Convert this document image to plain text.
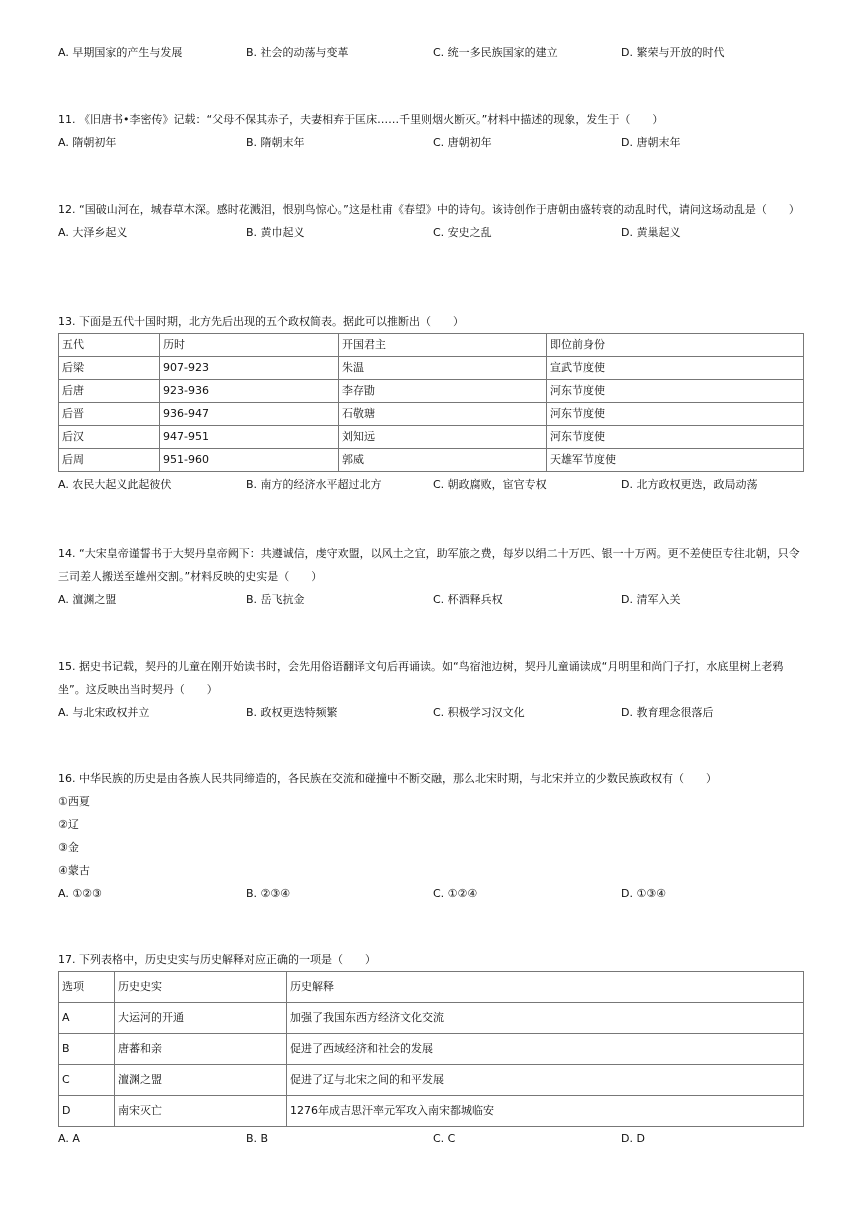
A. 早期国家的产生与发展	B. 社会的动荡与变革	C. 统一多民族国家的建立	D. 繁荣与开放的时代
11. 《旧唐书•李密传》记载：“父母不保其赤子，夫妻相弃于匡床……千里则烟火断灭。”材料中描述的现象，发生于（　　）
A. 隋朝初年	B. 隋朝末年	C. 唐朝初年	D. 唐朝末年
12. “国破山河在，城春草木深。感时花溅泪，恨别鸟惊心。”这是杜甫《春望》中的诗句。该诗创作于唐朝由盛转衰的动乱时代，请问这场动乱是（　　）
A. 大泽乡起义	B. 黄巾起义	C. 安史之乱	D. 黄巢起义
13. 下面是五代十国时期，北方先后出现的五个政权简表。据此可以推断出（　　）
五代	历时	开国君主	即位前身份
后梁	907-923	朱温	宣武节度使
后唐	923-936	李存勖	河东节度使
后晋	936-947	石敬瑭	河东节度使
后汉	947-951	刘知远	河东节度使
后周	951-960	郭威	天雄军节度使
A. 农民大起义此起彼伏	B. 南方的经济水平超过北方	C. 朝政腐败，宦官专权	D. 北方政权更迭，政局动荡
14. “大宋皇帝谨誓书于大契丹皇帝阙下：共遵诚信，虔守欢盟，以风土之宜，助军旅之费，每岁以绢二十万匹、银一十万两。更不差使臣专往北朝，只令三司差人搬送至雄州交割。”材料反映的史实是（　　）
A. 澶渊之盟	B. 岳飞抗金	C. 杯酒释兵权	D. 清军入关
15. 据史书记载，契丹的儿童在刚开始读书时，会先用俗语翻译文句后再诵读。如“鸟宿池边树，契丹儿童诵读成“月明里和尚门子打，水底里树上老鸦坐”。这反映出当时契丹（　　）
A. 与北宋政权并立	B. 政权更迭特频繁	C. 积极学习汉文化	D. 教育理念很落后
16. 中华民族的历史是由各族人民共同缔造的，各民族在交流和碰撞中不断交融，那么北宋时期，与北宋并立的少数民族政权有（　　）
①西夏
②辽
③金
④蒙古
A. ①②③	B. ②③④	C. ①②④	D. ①③④
17. 下列表格中，历史史实与历史解释对应正确的一项是（　　）
选项	历史史实	历史解释
A	大运河的开通	加强了我国东西方经济文化交流
B	唐蕃和亲	促进了西域经济和社会的发展
C	澶渊之盟	促进了辽与北宋之间的和平发展
D	南宋灭亡	1276年成吉思汗率元军攻入南宋都城临安
A. A	B. B	C. C	D. D
